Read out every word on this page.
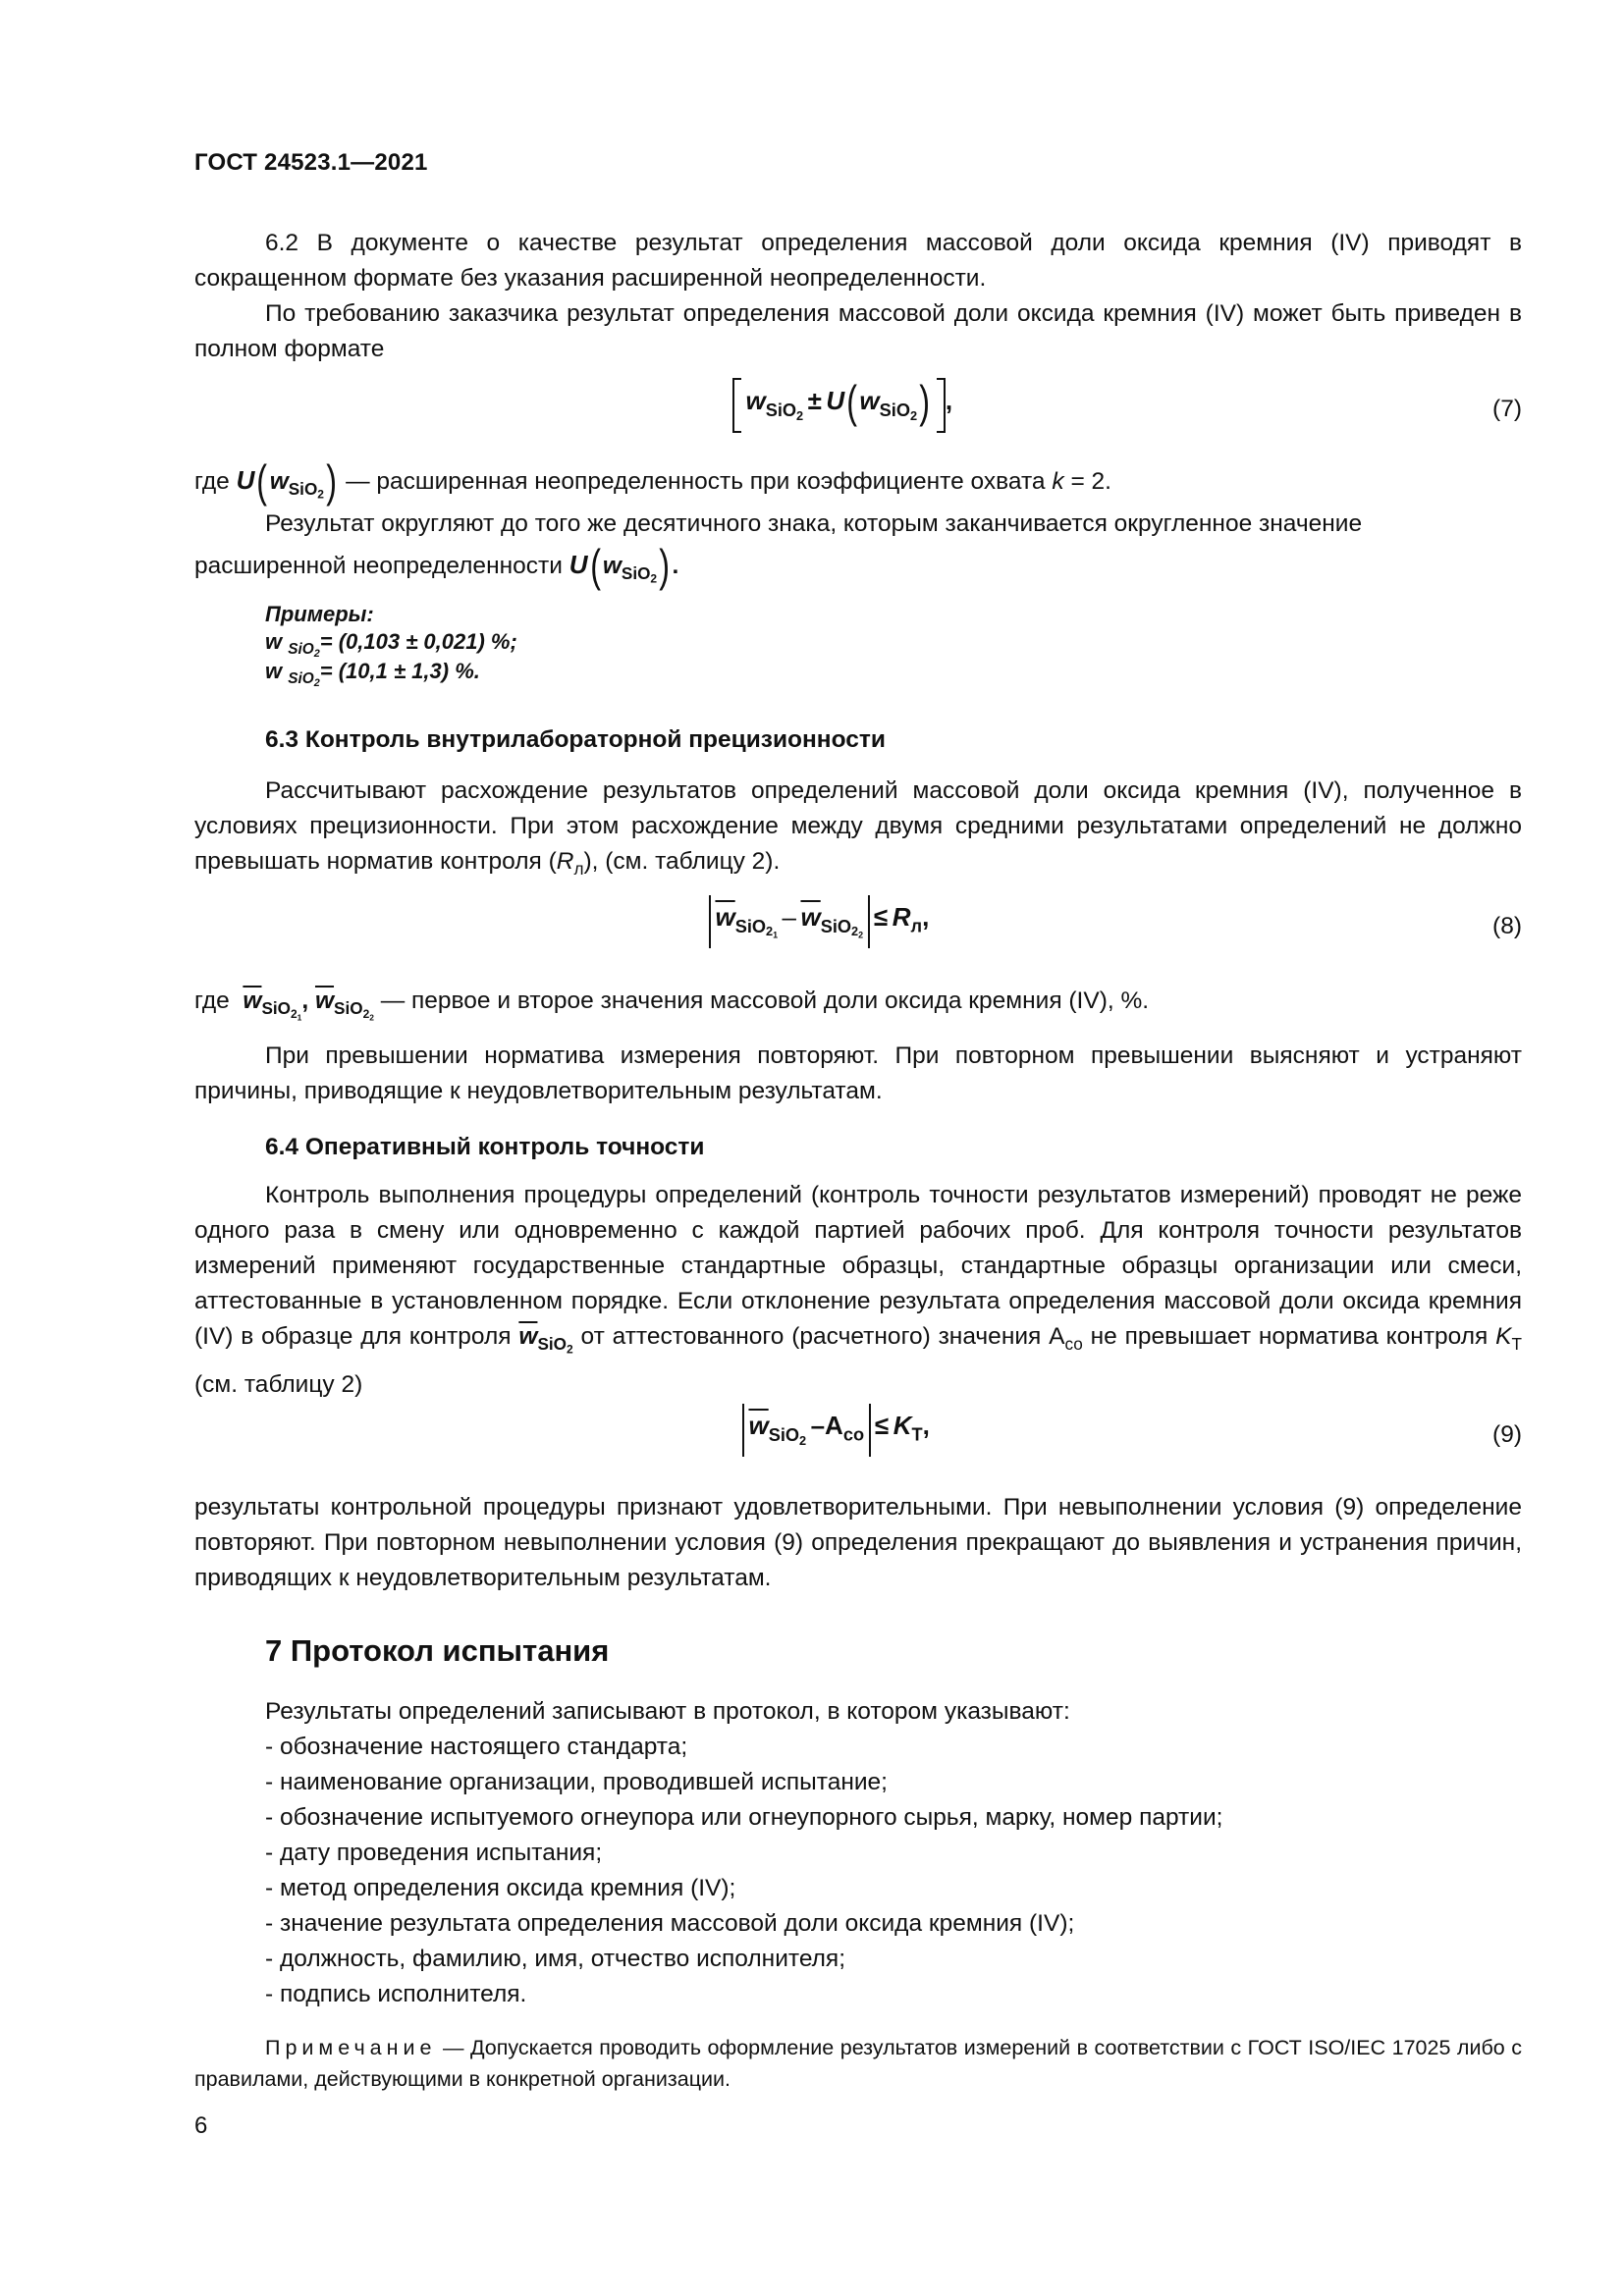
ГОСТ 24523.1—2021
6.2 В документе о качестве результат определения массовой доли оксида кремния (IV) приводят в сокращенном формате без указания расширенной неопределенности.
По требованию заказчика результат определения массовой доли оксида кремния (IV) может быть приведен в полном формате
$w_{SiO_2} \pm U(w_{SiO_2})$ ,	(7)
где $U(w_{SiO_2})$ — расширенная неопределенность при коэффициенте охвата k = 2.
Результат округляют до того же десятичного знака, которым заканчивается округленное значение
расширенной неопределенности $U(w_{SiO_2})$.
Примеры:
w $_{SiO_2}$= (0,103 ± 0,021) %;
w $_{SiO_2}$= (10,1 ± 1,3) %.
6.3 Контроль внутрилабораторной прецизионности
Рассчитывают расхождение результатов определений массовой доли оксида кремния (IV), полученное в условиях прецизионности. При этом расхождение между двумя средними результатами определений не должно превышать норматив контроля $(R_л)$, (см. таблицу 2).
$\overline{w}_{SiO_{2_1}} - \overline{w}_{SiO_{2_2}} \le R_л$,	(8)
где $\overline{w}_{SiO_{2_1}}$, $\overline{w}_{SiO_{2_2}}$ — первое и второе значения массовой доли оксида кремния (IV), %.
При превышении норматива измерения повторяют. При повторном превышении выясняют и устраняют причины, приводящие к неудовлетворительным результатам.
6.4 Оперативный контроль точности
Контроль выполнения процедуры определений (контроль точности результатов измерений) проводят не реже одного раза в смену или одновременно с каждой партией рабочих проб. Для контроля точности результатов измерений применяют государственные стандартные образцы, стандартные образцы организации или смеси, аттестованные в установленном порядке. Если отклонение результата определения массовой доли оксида кремния (IV) в образце для контроля $\overline{w}_{SiO_2}$ от аттестованного (расчетного) значения $А_{со}$ не превышает норматива контроля $K_Т$ (см. таблицу 2)
$\overline{w}_{SiO_2}$ $-А_{со} \le K_Т$,	(9)
результаты контрольной процедуры признают удовлетворительными. При невыполнении условия (9) определение повторяют. При повторном невыполнении условия (9) определения прекращают до выявления и устранения причин, приводящих к неудовлетворительным результатам.
7 Протокол испытания
Результаты определений записывают в протокол, в котором указывают:
- обозначение настоящего стандарта;
- наименование организации, проводившей испытание;
- обозначение испытуемого огнеупора или огнеупорного сырья, марку, номер партии;
- дату проведения испытания;
- метод определения оксида кремния (IV);
- значение результата определения массовой доли оксида кремния (IV);
- должность, фамилию, имя, отчество исполнителя;
- подпись исполнителя.
Примечание — Допускается проводить оформление результатов измерений в соответствии с ГОСТ ISO/IEC 17025 либо с правилами, действующими в конкретной организации.
6
